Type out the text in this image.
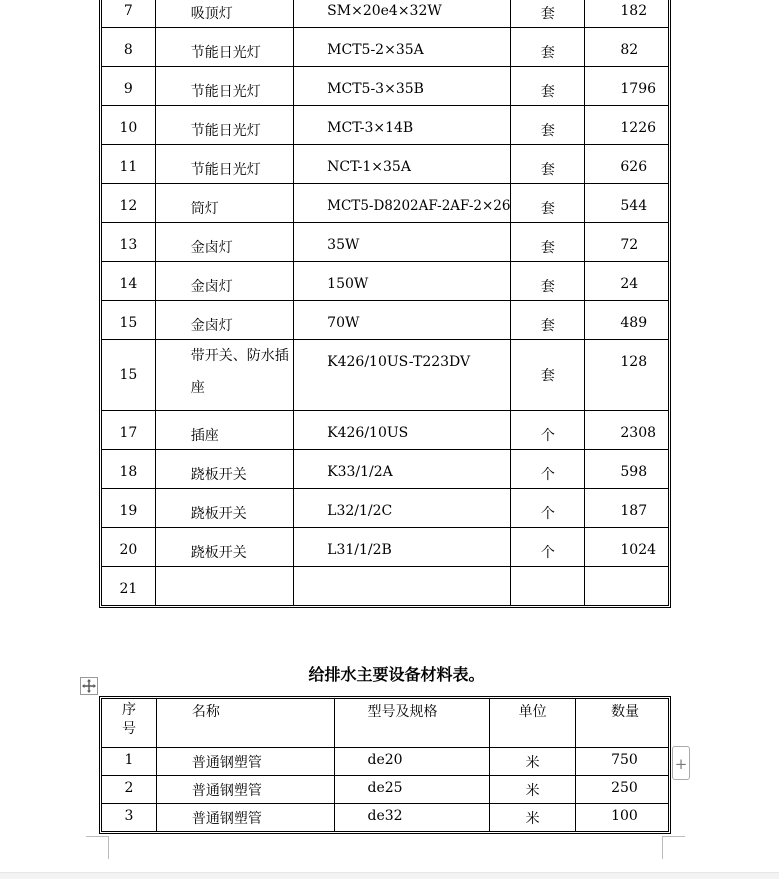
7	吸顶灯	SM×20e4×32W	套	182
8	节能日光灯	MCT5-2×35A	套	82
9	节能日光灯	MCT5-3×35B	套	1796
10	节能日光灯	MCT-3×14B	套	1226
11	节能日光灯	NCT-1×35A	套	626
12	筒灯	MCT5-D8202AF-2AF-2×26	套	544
13	金卤灯	35W	套	72
14	金卤灯	150W	套	24
15	金卤灯	70W	套	489
15	带开关、防水插座	K426/10US-T223DV	套	128
17	插座	K426/10US	个	2308
18	跷板开关	K33/1/2A	个	598
19	跷板开关	L32/1/2C	个	187
20	跷板开关	L31/1/2B	个	1024
21				
给排水主要设备材料表。
序号	名称	型号及规格	单位	数量
1	普通钢塑管	de20	米	750
2	普通钢塑管	de25	米	250
3	普通钢塑管	de32	米	100
+
